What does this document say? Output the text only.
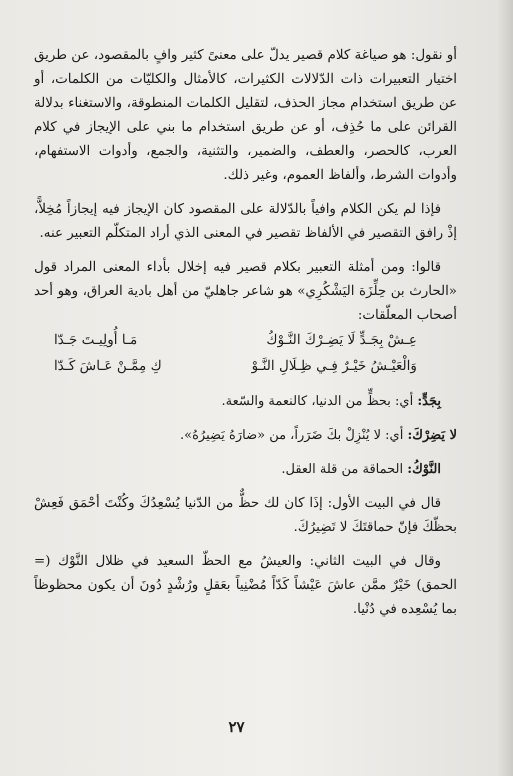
أو نقول: هو صياغة كلام قصير يدلّ على معنىً كثير وافٍ بالمقصود، عن طريق اختيار التعبيرات ذات الدّلالات الكثيرات، كالأمثال والكليّات من الكلمات، أو عن طريق استخدام مجاز الحذف، لتقليل الكلمات المنطوقة، والاستغناء بدلالة القرائن على ما حُذِف، أو عن طريق استخدام ما بني على الإيجاز في كلام العرب، كالحصر، والعطف، والضمير، والتثنية، والجمع، وأدوات الاستفهام، وأدوات الشرط، وألفاظ العموم، وغير ذلك.

فإذا لم يكن الكلام وافياً بالدّلالة على المقصود كان الإيجاز فيه إيجازاً مُخِلاًّ، إذْ رافق التقصير في الألفاظ تقصير في المعنى الذي أراد المتكلّم التعبير عنه.

قالوا: ومن أمثلة التعبير بكلام قصير فيه إخلال بأداء المعنى المراد قول «الحارث بن حِلِّزَة اليَشْكُرِي» هو شاعر جاهليّ من أهل بادية العراق، وهو أحد أصحاب المعلّقات:

عِـشْ بِجَـدٍّ لَا يَضِـرْكَ النَّـوْكُ
مَـا أُولِيـتَ جَـدّا
وَالْعَيْـشُ خَيْـرٌ فِـي ظِـلَالِ النَّـوْ
كِ مِمَّـنْ عَـاشَ كَـدّا

بِجَدٍّ: أي: بحظٍّ من الدنيا، كالنعمة والسّعة.

لا يَضِرْكَ: أي: لا يُنْزِلْ بكَ ضَرَراً، من «ضارَهُ يَضِيرُهُ».

النَّوْكُ: الحماقة من قلة العقل.

قال في البيت الأول: إذَا كان لك حظٌّ من الدّنيا يُسْعِدُكَ وكُنْتَ أحْمَق فَعِشْ بحظّكَ فإنّ حماقتَكَ لا تَضِيرُكَ.

وقال في البيت الثاني: والعيشُ مع الحظّ السعيد في ظلال النَّوْك (= الحمق) خَيْرٌ ممَّن عاشَ عَيْشاً كَدّاً مُضْنِياً بعَقلٍ ورُشْدٍ دُونَ أن يكون محظوظاً بما يُسْعِده في دُنْيا.

٢٧
